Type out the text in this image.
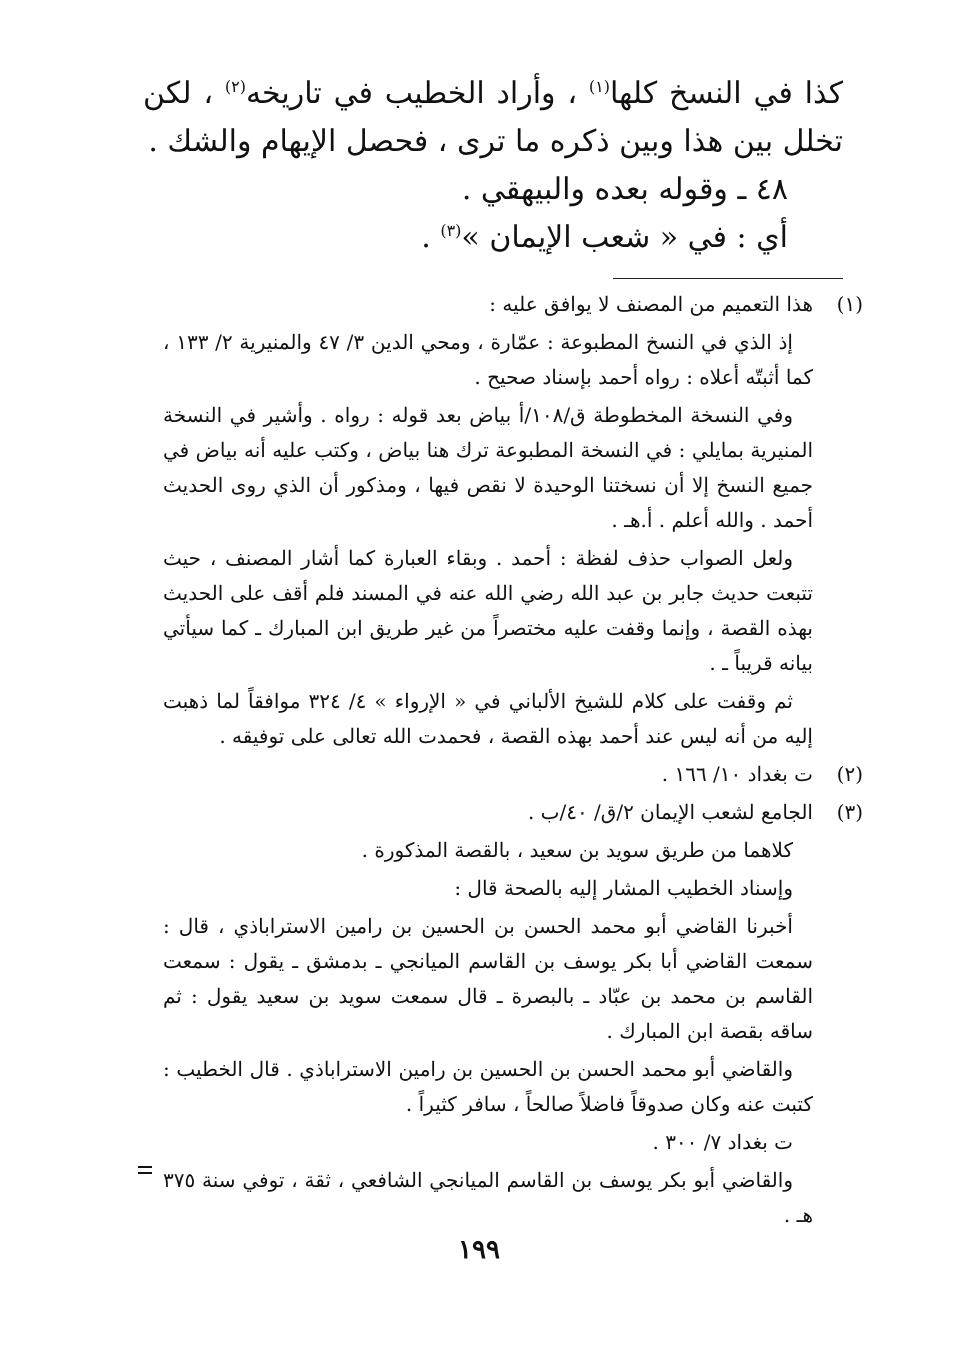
كذا في النسخ كلها$^{(١)}$ ، وأراد الخطيب في تاريخه$^{(٢)}$ ، لكن تخلل بين هذا وبين ذكره ما ترى ، فحصل الإيهام والشك .

٤٨ ـ وقوله بعده والبيهقي .

أي : في « شعب الإيمان »$^{(٣)}$ .

(١)

هذا التعميم من المصنف لا يوافق عليه :

إذ الذي في النسخ المطبوعة : عمّارة ، ومحي الدين ٣/ ٤٧ والمنيرية ٢/ ١٣٣ ، كما أثبتّه أعلاه : رواه أحمد بإسناد صحيح .

وفي النسخة المخطوطة ق/١٠٨/أ بياض بعد قوله : رواه . وأشير في النسخة المنيرية بمايلي : في النسخة المطبوعة ترك هنا بياض ، وكتب عليه أنه بياض في جميع النسخ إلا أن نسختنا الوحيدة لا نقص فيها ، ومذكور أن الذي روى الحديث أحمد . والله أعلم . أ.هـ .

ولعل الصواب حذف لفظة : أحمد . وبقاء العبارة كما أشار المصنف ، حيث تتبعت حديث جابر بن عبد الله رضي الله عنه في المسند فلم أقف على الحديث بهذه القصة ، وإنما وقفت عليه مختصراً من غير طريق ابن المبارك ـ كما سيأتي بيانه قريباً ـ .

ثم وقفت على كلام للشيخ الألباني في « الإرواء » ٤/ ٣٢٤ موافقاً لما ذهبت إليه من أنه ليس عند أحمد بهذه القصة ، فحمدت الله تعالى على توفيقه .

(٢)

ت بغداد ١٠/ ١٦٦ .

(٣)

الجامع لشعب الإيمان ٢/ق/ ٤٠/ب .

كلاهما من طريق سويد بن سعيد ، بالقصة المذكورة .

وإسناد الخطيب المشار إليه بالصحة قال :

أخبرنا القاضي أبو محمد الحسن بن الحسين بن رامين الاستراباذي ، قال : سمعت القاضي أبا بكر يوسف بن القاسم الميانجي ـ بدمشق ـ يقول : سمعت القاسم بن محمد بن عبّاد ـ بالبصرة ـ قال سمعت سويد بن سعيد يقول : ثم ساقه بقصة ابن المبارك .

والقاضي أبو محمد الحسن بن الحسين بن رامين الاستراباذي . قال الخطيب : كتبت عنه وكان صدوقاً فاضلاً صالحاً ، سافر كثيراً .

ت بغداد ٧/ ٣٠٠ .

والقاضي أبو بكر يوسف بن القاسم الميانجي الشافعي ، ثقة ، توفي سنة ٣٧٥ هـ .

١٩٩
